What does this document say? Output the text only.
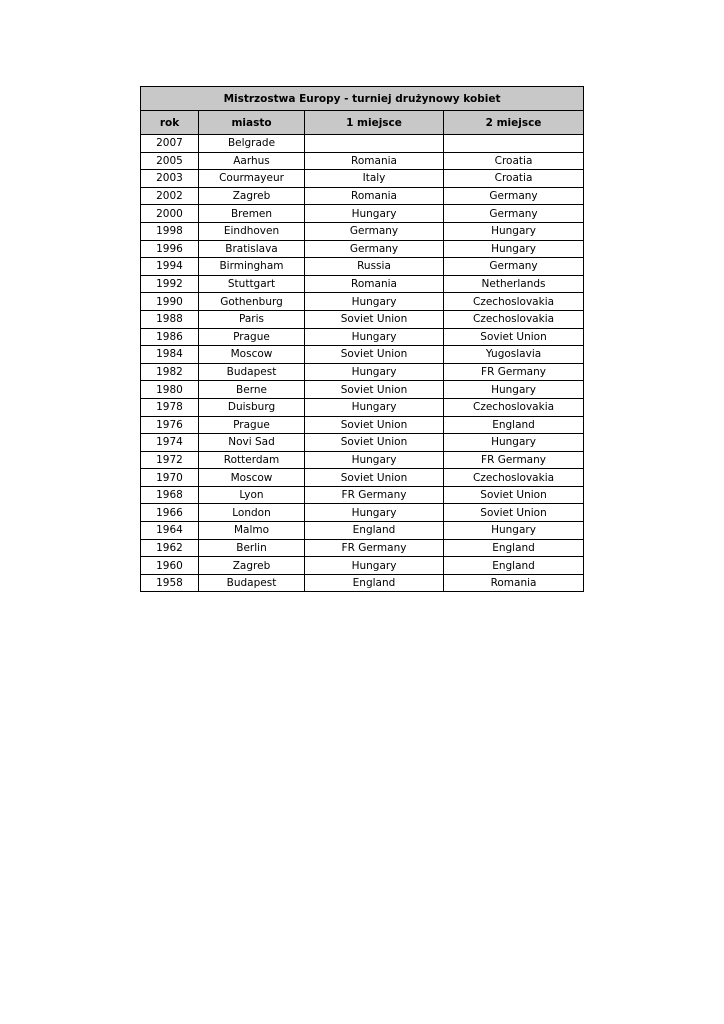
Mistrzostwa Europy - turniej drużynowy kobiet			
rok	miasto	1 miejsce	2 miejsce
2007	Belgrade		
2005	Aarhus	Romania	Croatia
2003	Courmayeur	Italy	Croatia
2002	Zagreb	Romania	Germany
2000	Bremen	Hungary	Germany
1998	Eindhoven	Germany	Hungary
1996	Bratislava	Germany	Hungary
1994	Birmingham	Russia	Germany
1992	Stuttgart	Romania	Netherlands
1990	Gothenburg	Hungary	Czechoslovakia
1988	Paris	Soviet Union	Czechoslovakia
1986	Prague	Hungary	Soviet Union
1984	Moscow	Soviet Union	Yugoslavia
1982	Budapest	Hungary	FR Germany
1980	Berne	Soviet Union	Hungary
1978	Duisburg	Hungary	Czechoslovakia
1976	Prague	Soviet Union	England
1974	Novi Sad	Soviet Union	Hungary
1972	Rotterdam	Hungary	FR Germany
1970	Moscow	Soviet Union	Czechoslovakia
1968	Lyon	FR Germany	Soviet Union
1966	London	Hungary	Soviet Union
1964	Malmo	England	Hungary
1962	Berlin	FR Germany	England
1960	Zagreb	Hungary	England
1958	Budapest	England	Romania
